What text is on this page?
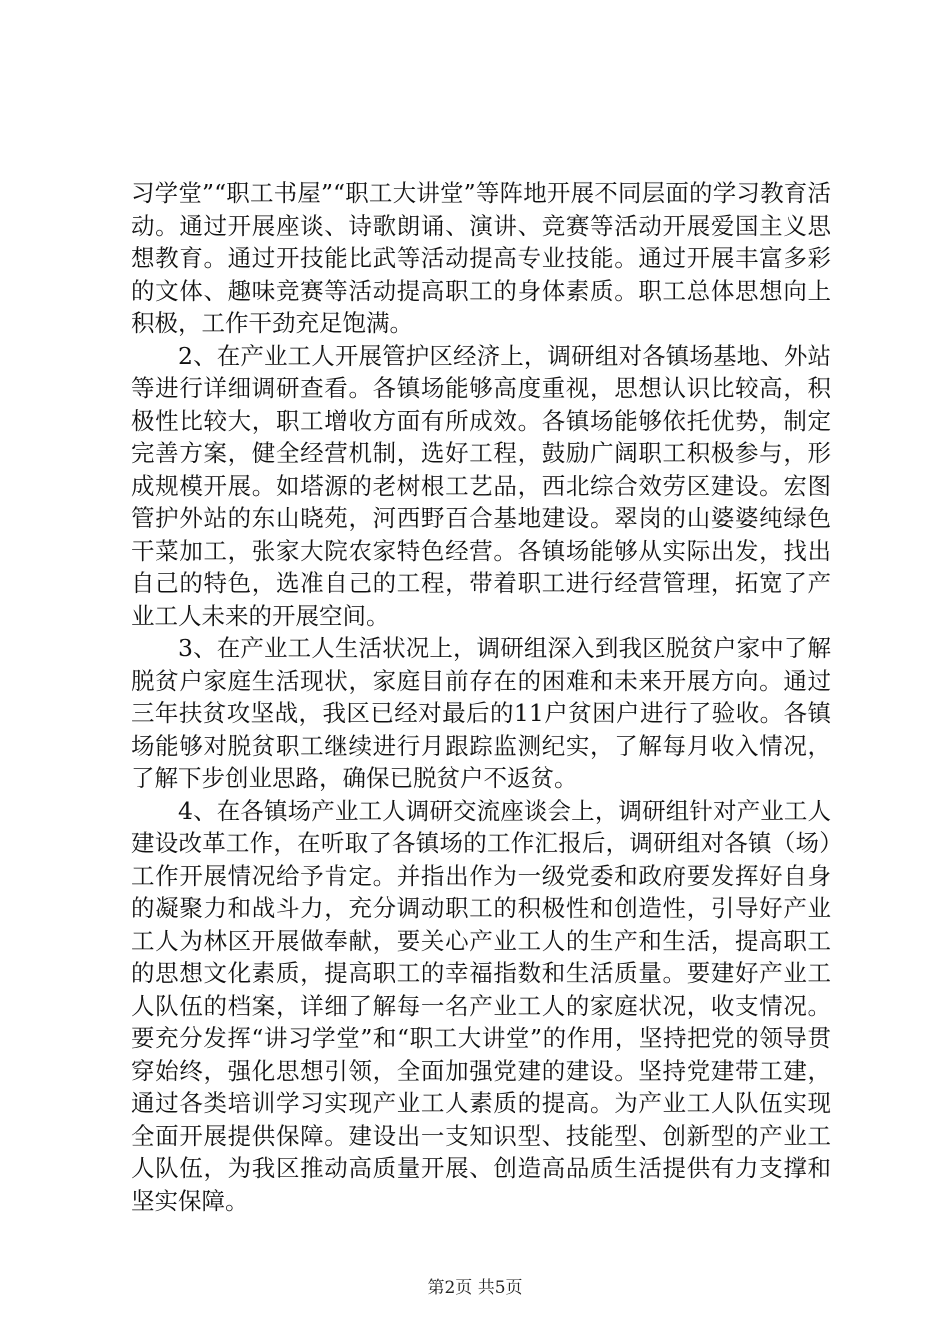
习学堂”“职工书屋”“职工大讲堂”等阵地开展不同层面的学习教育活动。通过开展座谈、诗歌朗诵、演讲、竞赛等活动开展爱国主义思想教育。通过开技能比武等活动提高专业技能。通过开展丰富多彩的文体、趣味竞赛等活动提高职工的身体素质。职工总体思想向上积极，工作干劲充足饱满。

2、在产业工人开展管护区经济上，调研组对各镇场基地、外站等进行详细调研查看。各镇场能够高度重视，思想认识比较高，积极性比较大，职工增收方面有所成效。各镇场能够依托优势，制定完善方案，健全经营机制，选好工程，鼓励广阔职工积极参与，形成规模开展。如塔源的老树根工艺品，西北综合效劳区建设。宏图管护外站的东山晓苑，河西野百合基地建设。翠岗的山婆婆纯绿色干菜加工，张家大院农家特色经营。各镇场能够从实际出发，找出自己的特色，选准自己的工程，带着职工进行经营管理，拓宽了产业工人未来的开展空间。

3、在产业工人生活状况上，调研组深入到我区脱贫户家中了解脱贫户家庭生活现状，家庭目前存在的困难和未来开展方向。通过三年扶贫攻坚战，我区已经对最后的11户贫困户进行了验收。各镇场能够对脱贫职工继续进行月跟踪监测纪实，了解每月收入情况，了解下步创业思路，确保已脱贫户不返贫。

4、在各镇场产业工人调研交流座谈会上，调研组针对产业工人建设改革工作，在听取了各镇场的工作汇报后，调研组对各镇（场）工作开展情况给予肯定。并指出作为一级党委和政府要发挥好自身的凝聚力和战斗力，充分调动职工的积极性和创造性，引导好产业工人为林区开展做奉献，要关心产业工人的生产和生活，提高职工的思想文化素质，提高职工的幸福指数和生活质量。要建好产业工人队伍的档案，详细了解每一名产业工人的家庭状况，收支情况。要充分发挥“讲习学堂”和“职工大讲堂”的作用，坚持把党的领导贯穿始终，强化思想引领，全面加强党建的建设。坚持党建带工建，通过各类培训学习实现产业工人素质的提高。为产业工人队伍实现全面开展提供保障。建设出一支知识型、技能型、创新型的产业工人队伍，为我区推动高质量开展、创造高品质生活提供有力支撑和坚实保障。

第2页 共5页
